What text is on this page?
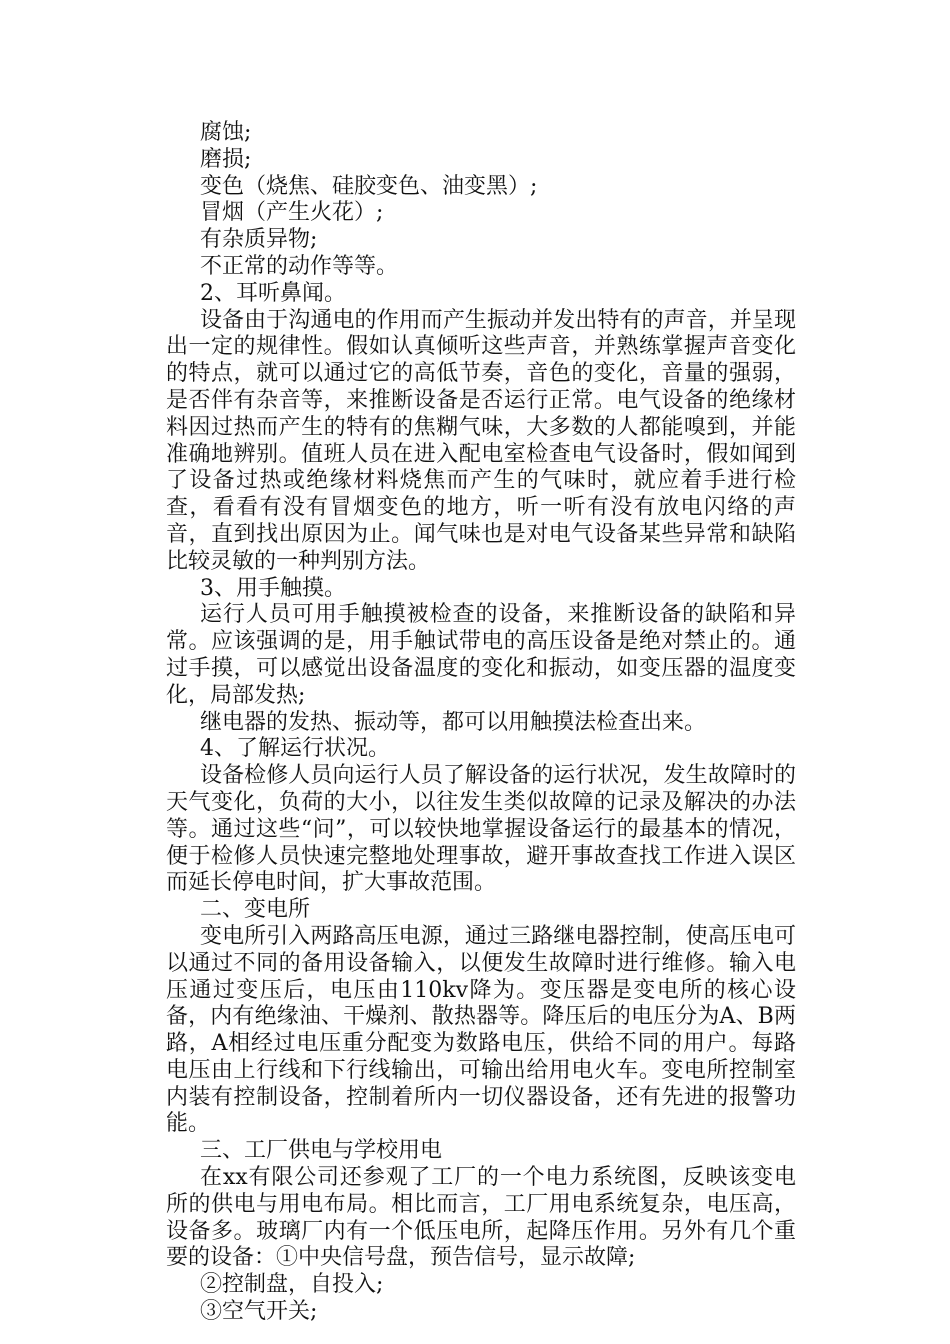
腐蚀;

磨损;

变色（烧焦、硅胶变色、油变黑）;

冒烟（产生火花）;

有杂质异物;

不正常的动作等等。

2、耳听鼻闻。

设备由于沟通电的作用而产生振动并发出特有的声音，并呈现出一定的规律性。假如认真倾听这些声音，并熟练掌握声音变化的特点，就可以通过它的高低节奏，音色的变化，音量的强弱，是否伴有杂音等，来推断设备是否运行正常。电气设备的绝缘材料因过热而产生的特有的焦糊气味，大多数的人都能嗅到，并能准确地辨别。值班人员在进入配电室检查电气设备时，假如闻到了设备过热或绝缘材料烧焦而产生的气味时，就应着手进行检查，看看有没有冒烟变色的地方，听一听有没有放电闪络的声音，直到找出原因为止。闻气味也是对电气设备某些异常和缺陷比较灵敏的一种判别方法。

3、用手触摸。

运行人员可用手触摸被检查的设备，来推断设备的缺陷和异常。应该强调的是，用手触试带电的高压设备是绝对禁止的。通过手摸，可以感觉出设备温度的变化和振动，如变压器的温度变化，局部发热;

继电器的发热、振动等，都可以用触摸法检查出来。

4、了解运行状况。

设备检修人员向运行人员了解设备的运行状况，发生故障时的天气变化，负荷的大小，以往发生类似故障的记录及解决的办法等。通过这些“问”，可以较快地掌握设备运行的最基本的情况，便于检修人员快速完整地处理事故，避开事故查找工作进入误区而延长停电时间，扩大事故范围。

二、变电所

变电所引入两路高压电源，通过三路继电器控制，使高压电可以通过不同的备用设备输入，以便发生故障时进行维修。输入电压通过变压后，电压由110kv降为。变压器是变电所的核心设备，内有绝缘油、干燥剂、散热器等。降压后的电压分为A、B两路，A相经过电压重分配变为数路电压，供给不同的用户。每路电压由上行线和下行线输出，可输出给用电火车。变电所控制室内装有控制设备，控制着所内一切仪器设备，还有先进的报警功能。

三、工厂供电与学校用电

在xx有限公司还参观了工厂的一个电力系统图，反映该变电所的供电与用电布局。相比而言，工厂用电系统复杂，电压高，设备多。玻璃厂内有一个低压电所，起降压作用。另外有几个重要的设备：①中央信号盘，预告信号，显示故障;

②控制盘，自投入;

③空气开关;
